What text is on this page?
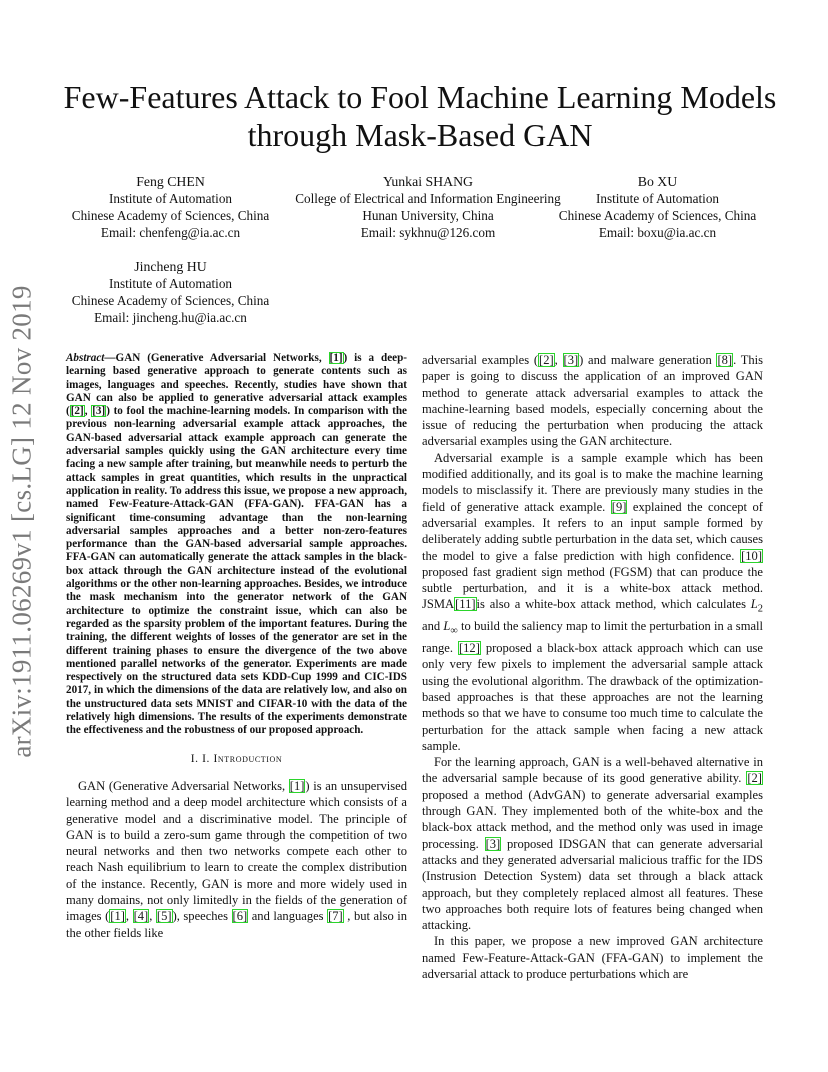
arXiv:1911.06269v1 [cs.LG] 12 Nov 2019
Few-Features Attack to Fool Machine Learning Models through Mask-Based GAN
Feng CHEN
Institute of Automation
Chinese Academy of Sciences, China
Email: chenfeng@ia.ac.cn
Yunkai SHANG
College of Electrical and Information Engineering
Hunan University, China
Email: sykhnu@126.com
Bo XU
Institute of Automation
Chinese Academy of Sciences, China
Email: boxu@ia.ac.cn
Jincheng HU
Institute of Automation
Chinese Academy of Sciences, China
Email: jincheng.hu@ia.ac.cn

Abstract—GAN (Generative Adversarial Networks, [1]) is a deep-learning based generative approach to generate contents such as images, languages and speeches. Recently, studies have shown that GAN can also be applied to generative adversarial attack examples ([2], [3]) to fool the machine-learning models. In comparison with the previous non-learning adversarial example attack approaches, the GAN-based adversarial attack example approach can generate the adversarial samples quickly using the GAN architecture every time facing a new sample after training, but meanwhile needs to perturb the attack samples in great quantities, which results in the unpractical application in reality. To address this issue, we propose a new approach, named Few-Feature-Attack-GAN (FFA-GAN). FFA-GAN has a significant time-consuming advantage than the non-learning adversarial samples approaches and a better non-zero-features performance than the GAN-based adversarial sample approaches. FFA-GAN can automatically generate the attack samples in the black-box attack through the GAN architecture instead of the evolutional algorithms or the other non-learning approaches. Besides, we introduce the mask mechanism into the generator network of the GAN architecture to optimize the constraint issue, which can also be regarded as the sparsity problem of the important features. During the training, the different weights of losses of the generator are set in the different training phases to ensure the divergence of the two above mentioned parallel networks of the generator. Experiments are made respectively on the structured data sets KDD-Cup 1999 and CIC-IDS 2017, in which the dimensions of the data are relatively low, and also on the unstructured data sets MNIST and CIFAR-10 with the data of the relatively high dimensions. The results of the experiments demonstrate the effectiveness and the robustness of our proposed approach.

I. I. Introduction

GAN (Generative Adversarial Networks, [1]) is an unsupervised learning method and a deep model architecture which consists of a generative model and a discriminative model. The principle of GAN is to build a zero-sum game through the competition of two neural networks and then two networks compete each other to reach Nash equilibrium to learn to create the complex distribution of the instance. Recently, GAN is more and more widely used in many domains, not only limitedly in the fields of the generation of images ([1], [4], [5]), speeches [6] and languages [7] , but also in the other fields like

adversarial examples ([2], [3]) and malware generation [8]. This paper is going to discuss the application of an improved GAN method to generate attack adversarial examples to attack the machine-learning based models, especially concerning about the issue of reducing the perturbation when producing the attack adversarial examples using the GAN architecture.

Adversarial example is a sample example which has been modified additionally, and its goal is to make the machine learning models to misclassify it. There are previously many studies in the field of generative attack example. [9] explained the concept of adversarial examples. It refers to an input sample formed by deliberately adding subtle perturbation in the data set, which causes the model to give a false prediction with high confidence. [10] proposed fast gradient sign method (FGSM) that can produce the subtle perturbation, and it is a white-box attack method. JSMA[11]is also a white-box attack method, which calculates $L_2$ and $L_\infty$ to build the saliency map to limit the perturbation in a small range. [12] proposed a black-box attack approach which can use only very few pixels to implement the adversarial sample attack using the evolutional algorithm. The drawback of the optimization-based approaches is that these approaches are not the learning methods so that we have to consume too much time to calculate the perturbation for the attack sample when facing a new attack sample.

For the learning approach, GAN is a well-behaved alternative in the adversarial sample because of its good generative ability. [2] proposed a method (AdvGAN) to generate adversarial examples through GAN. They implemented both of the white-box and the black-box attack method, and the method only was used in image processing. [3] proposed IDSGAN that can generate adversarial attacks and they generated adversarial malicious traffic for the IDS (Instrusion Detection System) data set through a black attack approach, but they completely replaced almost all features. These two approaches both require lots of features being changed when attacking.

In this paper, we propose a new improved GAN architecture named Few-Feature-Attack-GAN (FFA-GAN) to implement the adversarial attack to produce perturbations which are
